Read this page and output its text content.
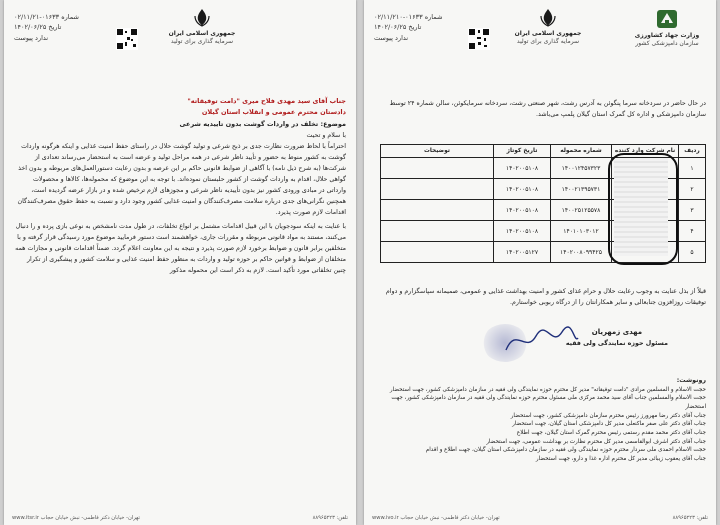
۰۲/۱۱/۲۱-۰۱۶۳۳ شماره
۱۴۰۲/۰۶/۲۵ تاریخ
ندارد پیوست
جمهوری اسلامی ایران
سرمایه گذاری برای تولید
جناب آقای سید مهدی فلاح میری "دامت توفیقاته"
دادستان محترم عمومی و انقلاب استان گیلان
موضوع: تخلف در واردات گوشت بدون تاییدیه شرعی
با سلام و تحیت

احتراماً با لحاظ ضرورت نظارت جدی بر ذبح شرعی و تولید گوشت حلال در راستای حفظ امنیت غذایی و اینکه هرگونه واردات گوشت به کشور منوط به حضور و تأیید ناظر شرعی در همه مراحل تولید و عرضه است به استحضار می‌رساند تعدادی از شرکت‌ها (به شرح ذیل نامه) با آگاهی از ضوابط قانونی حاکم بر این عرصه و بدون رعایت دستورالعمل‌های مربوطه و بدون اخذ گواهی حلال، اقدام به واردات گوشت از کشور حلبستان نموده‌اند. با توجه به این موضوع که محموله‌ها، کالاها و محصولات وارداتی در مبادی ورودی کشور نیز بدون تأییدیه ناظر شرعی و مجوزهای لازم ترخیص شده و در بازار عرضه گردیده است، همچنین نگرانی‌های جدی درباره سلامت مصرف‌کنندگان و امنیت غذایی کشور وجود دارد و نسبت به حفظ حقوق مصرف‌کنندگان اقدامات لازم صورت پذیرد.

با عنایت به اینکه سودجویان با این قبیل اقدامات مشتمل بر انواع تخلفات، در طول مدت نامشخص به نوعی بازی پرده و را دنبال می‌کنند، مستند به مواد قانونی مربوطه و مقررات جاری، خواهشمند است دستور فرمایید موضوع مورد رسیدگی قرار گرفته و با متخلفین برابر قانون و ضوابط برخورد لازم صورت پذیرد و نتیجه به این معاونت اعلام گردد. ضمناً اقدامات قانونی و مجازات همه متخلفان از ضوابط و قوانین حاکم بر حوزه تولید و واردات به منظور حفظ امنیت غذایی و سلامت کشور و پیشگیری از تکرار چنین تخلفاتی مورد تأکید است. لازم به ذکر است این محموله مذکور

www.itsr.ir تهران- خیابان دکتر فاطمی- نبش خیابان حجاب	تلفن: ۸۸۹۶۵۲۲۳
۰۲/۱۱/۲۱۰-۰۱۶۳۳ شماره
۱۴۰۲/۰۶/۲۵ تاریخ
ندارد پیوست
جمهوری اسلامی ایران
سرمایه گذاری برای تولید
وزارت جهاد کشاورزی
سازمان دامپزشکی کشور

در حال حاضر در سردخانه سرما پنگوئن به آدرس رشت، شهر صنعتی رشت، سردخانه سرمایکوئن، سالن شماره ۲۴ توسط سازمان دامپزشکی و اداره کل گمرک استان گیلان پلمپ می‌باشد.

ردیف	نام شرکت وارد کننده	شماره محموله	تاریخ کوتاژ	توضیحات
۱		۱۴۰۰۱۲۴۵۷۳۲۳	۱۴۰۲۰۰۵۱۰۸	
۲		۱۴۰۰۲۱۳۹۵۷۳۱	۱۴۰۲۰۰۵۱۰۸	
۳		۱۴۰۰۲۵۱۲۵۵۷۸	۱۴۰۲۰۰۵۱۰۸	
۴		۱۴۰۱۰۱۰۳۰۱۲	۱۴۰۲۰۰۵۱۰۸	
۵		۱۴۰۲۰۰۸۰۹۹۴۲۵	۱۴۰۲۰۰۵۱۲۷	

قبلاً از بذل عنایت به وجوب رعایت حلال و حرام غذای کشور و امنیت بهداشت غذایی و عمومی، صمیمانه سپاسگزارم و دوام توفیقات روزافزون جنابعالی و سایر همکارانتان را از درگاه ربوبی خواستارم.

مهدی زمهریان
مسئول حوزه نمایندگی ولی فقیه
رونوشت:
حجت الاسلام و المسلمین مرادی "دامت توفیقاته" مدیر کل محترم حوزه نمایندگی ولی فقیه در سازمان دامپزشکی کشور، جهت استحضار
حجت الاسلام والمسلمین جناب آقای سید محمد مرکزی ملی مسئول محترم حوزه نمایندگی ولی فقیه در سازمان دامپزشکی کشور، جهت استحضار
جناب آقای دکتر رضا مهرورز رئیس محترم سازمان دامپزشکی کشور، جهت استحضار
جناب آقای دکتر علی صفر ماکنعلی مدیر کل دامپزشکی استان گیلان، جهت استحضار
جناب آقای دکتر محمد مقدم رستمی رئیس محترم گمرک استان گیلان، جهت اطلاع
جناب آقای دکتر اشرف ابوالقاسمی مدیر کل محترم نظارت بر بهداشت عمومی، جهت استحضار
حجت الاسلام احمدی ملی سردار محترم حوزه نمایندگی ولی فقیه در سازمان دامپزشکی استان گیلان، جهت اطلاع و اقدام
جناب آقای یعقوب زیبائی مدیر کل محترم اداره غذا و دارو، جهت استحضار
www.ivo.ir تهران- خیابان دکتر فاطمی- نبش خیابان حجاب	تلفن: ۸۸۹۶۵۲۲۳
